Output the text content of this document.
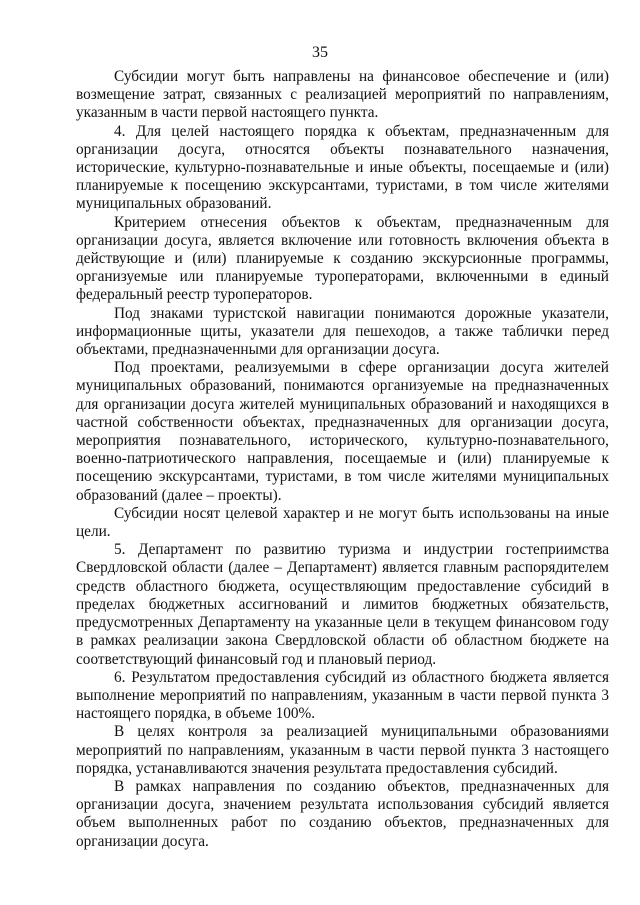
35

Субсидии могут быть направлены на финансовое обеспечение и (или) возмещение затрат, связанных с реализацией мероприятий по направлениям, указанным в части первой настоящего пункта.

4. Для целей настоящего порядка к объектам, предназначенным для организации досуга, относятся объекты познавательного назначения, исторические, культурно-познавательные и иные объекты, посещаемые и (или) планируемые к посещению экскурсантами, туристами, в том числе жителями муниципальных образований.

Критерием отнесения объектов к объектам, предназначенным для организации досуга, является включение или готовность включения объекта в действующие и (или) планируемые к созданию экскурсионные программы, организуемые или планируемые туроператорами, включенными в единый федеральный реестр туроператоров.

Под знаками туристской навигации понимаются дорожные указатели, информационные щиты, указатели для пешеходов, а также таблички перед объектами, предназначенными для организации досуга.

Под проектами, реализуемыми в сфере организации досуга жителей муниципальных образований, понимаются организуемые на предназначенных для организации досуга жителей муниципальных образований и находящихся в частной собственности объектах, предназначенных для организации досуга, мероприятия познавательного, исторического, культурно-познавательного, военно-патриотического направления, посещаемые и (или) планируемые к посещению экскурсантами, туристами, в том числе жителями муниципальных образований (далее – проекты).

Субсидии носят целевой характер и не могут быть использованы на иные цели.

5. Департамент по развитию туризма и индустрии гостеприимства Свердловской области (далее – Департамент) является главным распорядителем средств областного бюджета, осуществляющим предоставление субсидий в пределах бюджетных ассигнований и лимитов бюджетных обязательств, предусмотренных Департаменту на указанные цели в текущем финансовом году в рамках реализации закона Свердловской области об областном бюджете на соответствующий финансовый год и плановый период.

6. Результатом предоставления субсидий из областного бюджета является выполнение мероприятий по направлениям, указанным в части первой пункта 3 настоящего порядка, в объеме 100%.

В целях контроля за реализацией муниципальными образованиями мероприятий по направлениям, указанным в части первой пункта 3 настоящего порядка, устанавливаются значения результата предоставления субсидий.

В рамках направления по созданию объектов, предназначенных для организации досуга, значением результата использования субсидий является объем выполненных работ по созданию объектов, предназначенных для организации досуга.
